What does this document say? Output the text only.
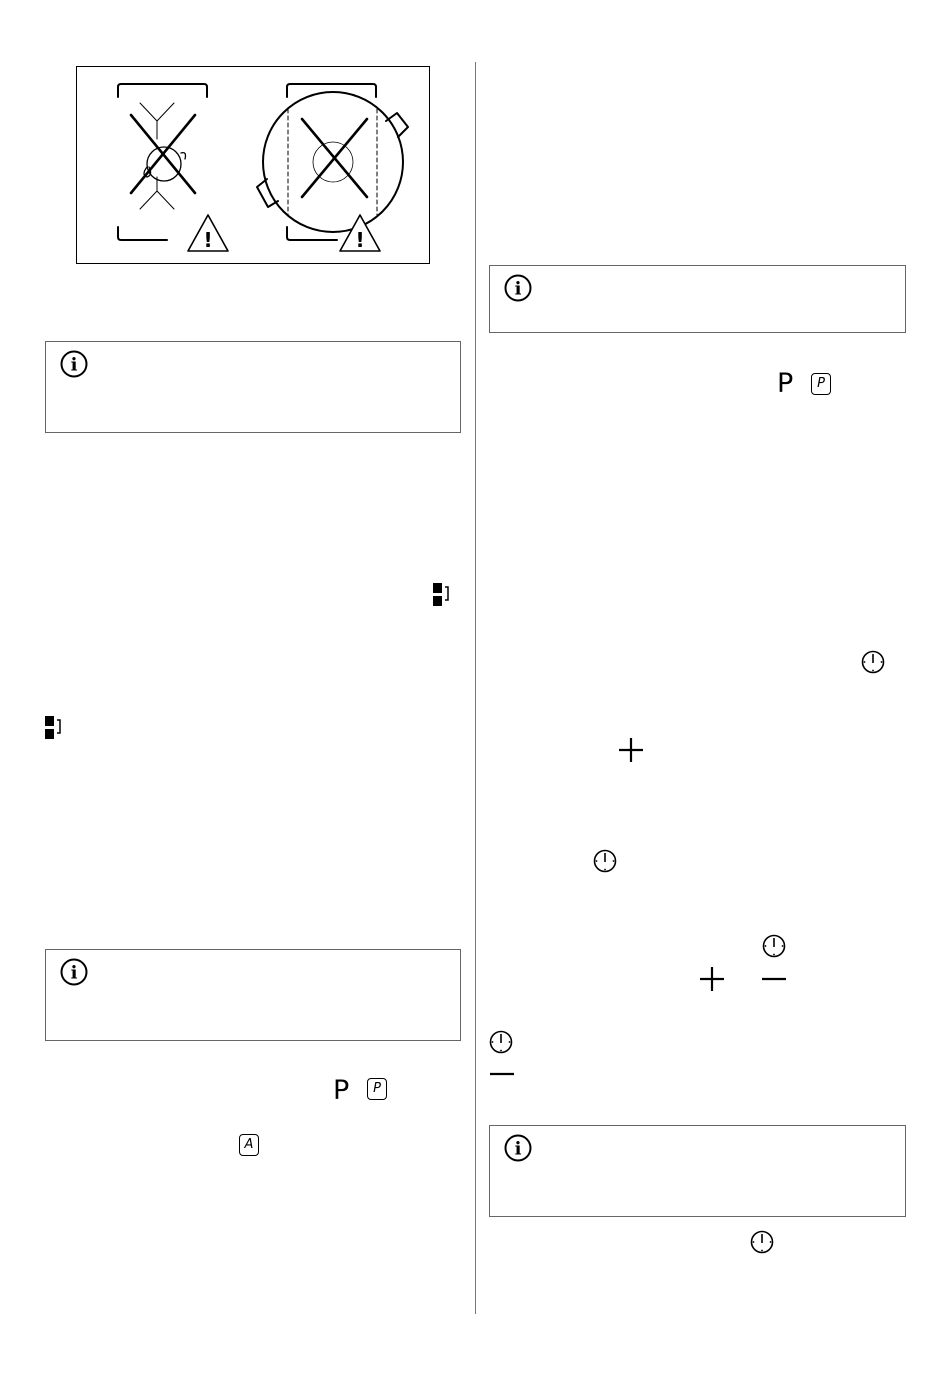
!	!
i
i
i
i
P	P
A
P	P
